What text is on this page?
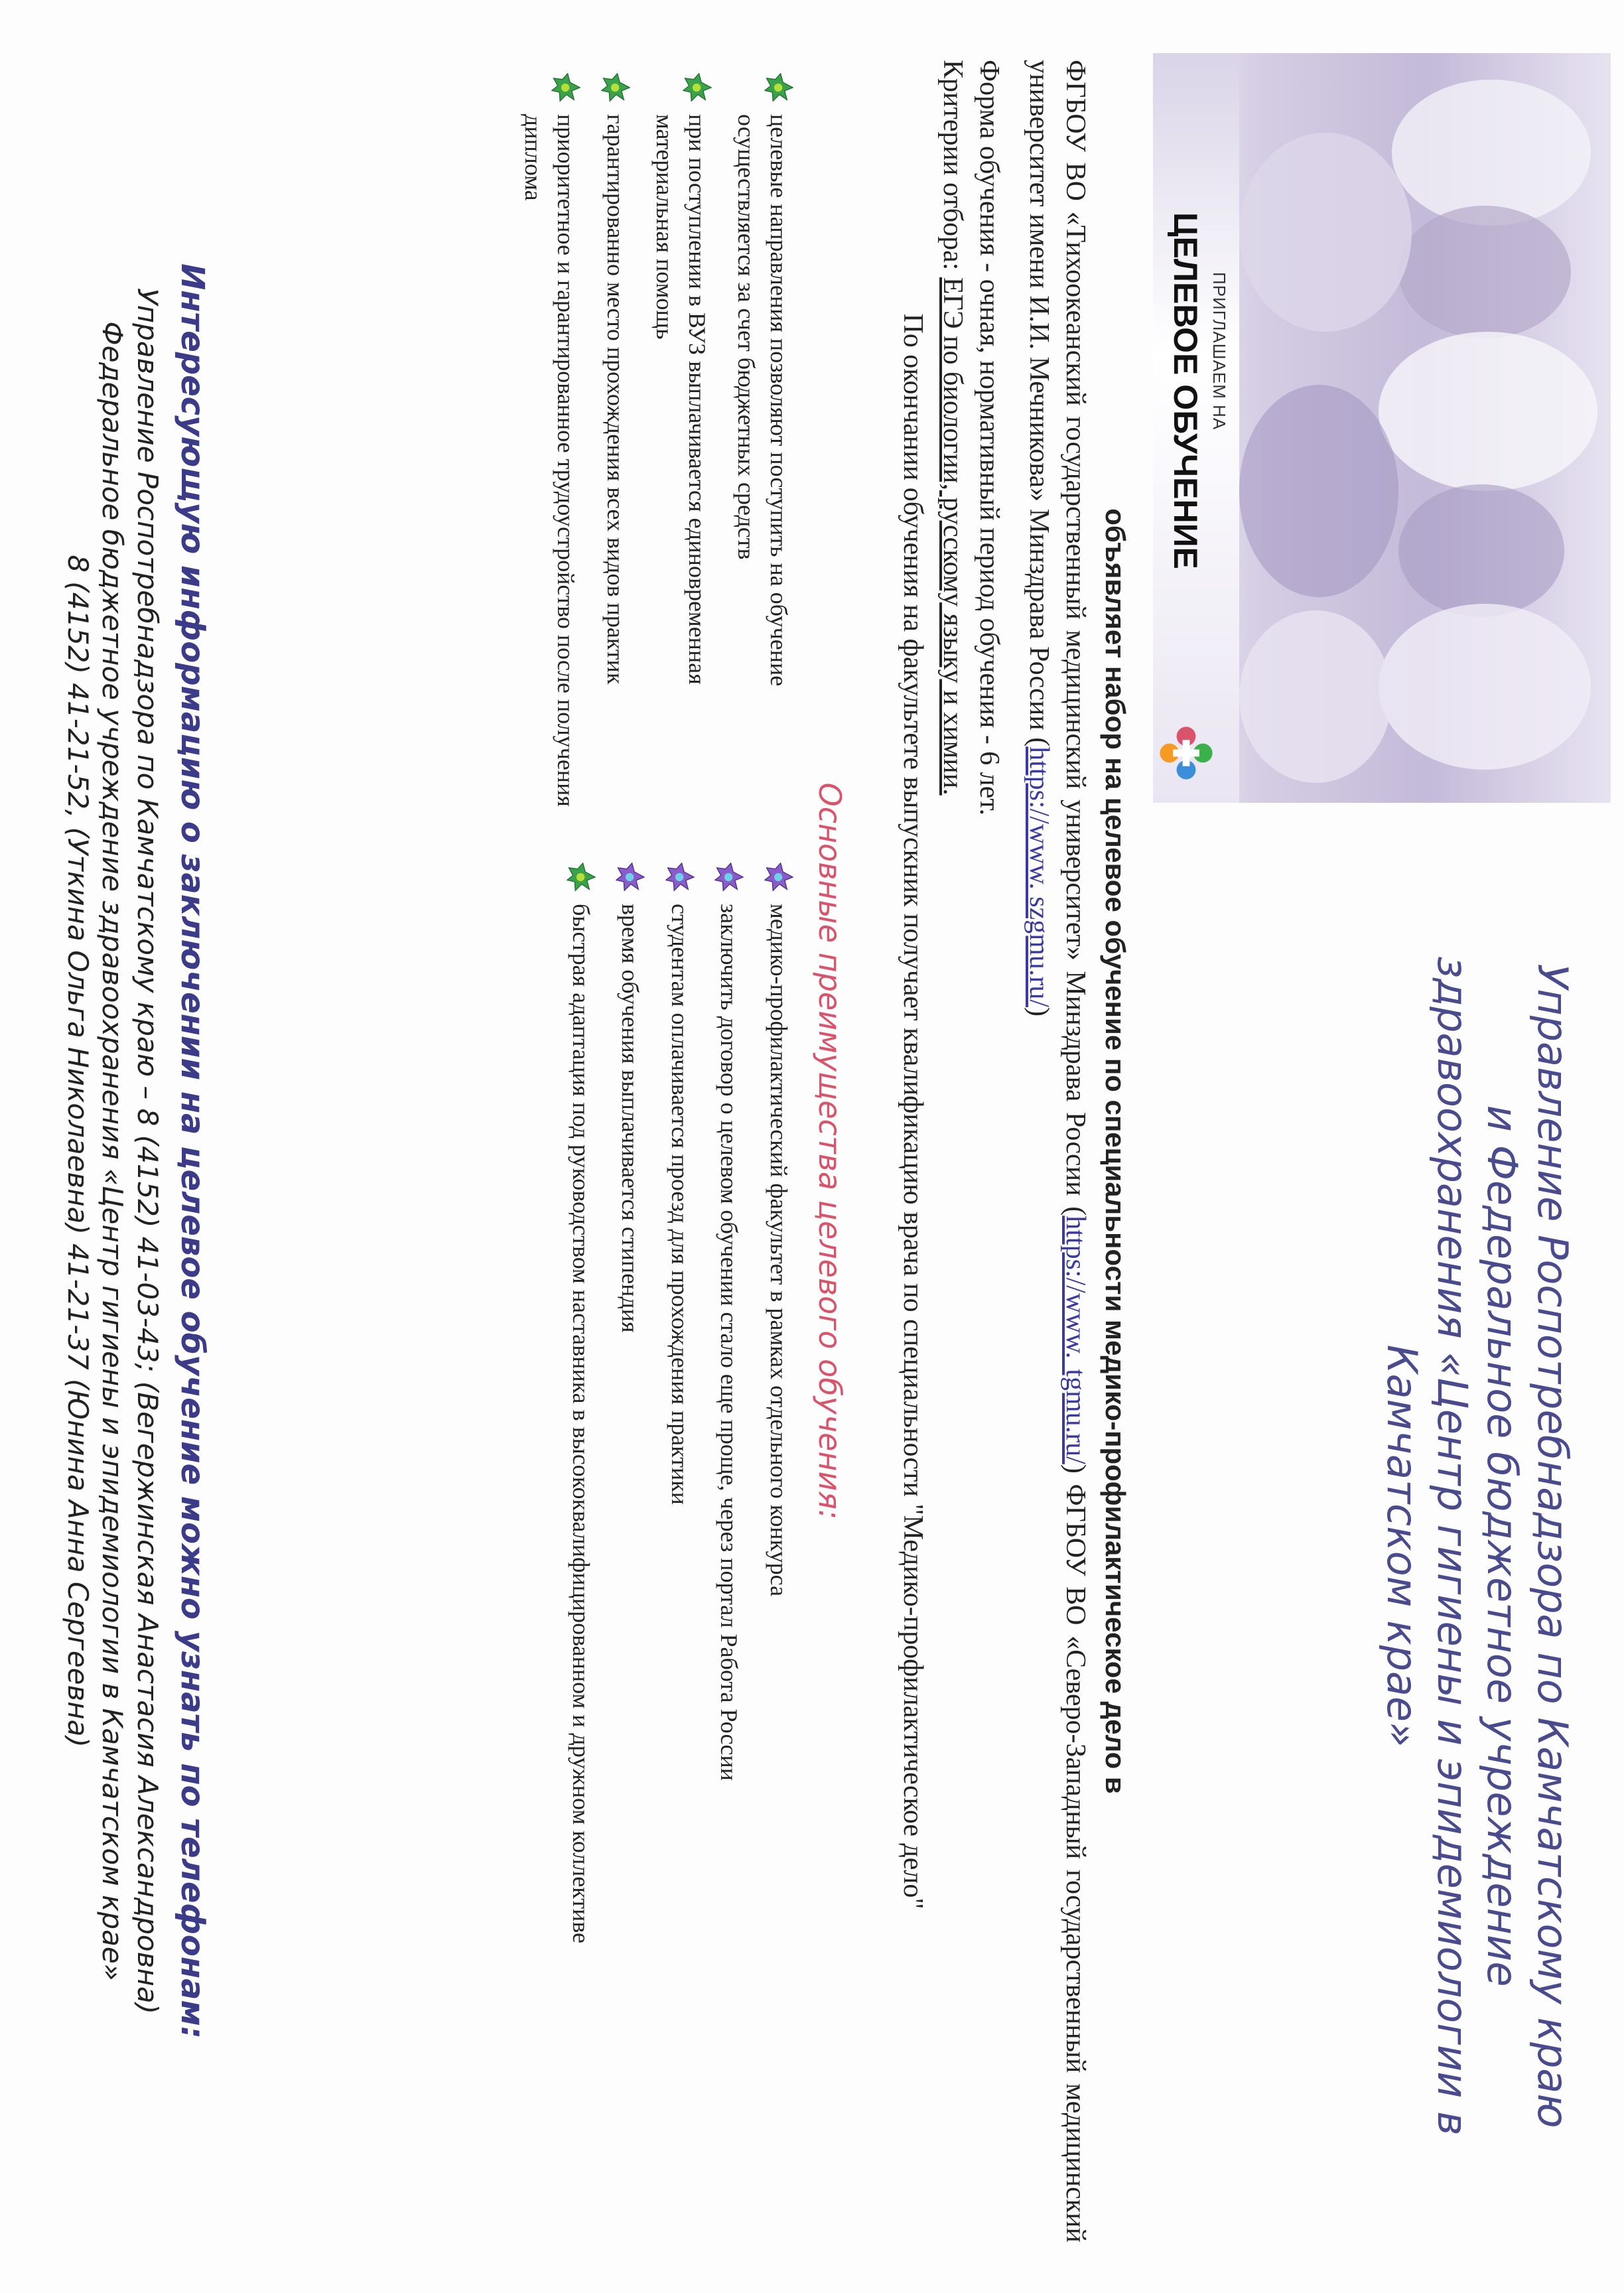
ПРИГЛАШАЕМ НА
ЦЕЛЕВОЕ ОБУЧЕНИЕ
Управление Роспотребнадзора по Камчатскому краю
и Федеральное бюджетное учреждение
здравоохранения «Центр гигиены и эпидемиологии в
Камчатском крае»
объявляет набор на целевое обучение по специальности медико-профилактическое дело в
ФГБОУ ВО «Тихоокеанский государственный медицинский университет» Минздрава России (https://www. tgmu.ru/) ФГБОУ ВО «Северо-Западный государственный медицинский университет имени И.И. Мечникова» Минздрава России (https://www. szgmu.ru/)
Форма обучения - очная, нормативный период обучения - 6 лет.
Критерии отбора: ЕГЭ по биологии, русскому языку и химии.
По окончании обучения на факультете выпускник получает квалификацию врача по специальности "Медико-профилактическое дело"
Основные преимущества целевого обучения:
целевые направления позволяют поступить на обучение осуществляется за счет бюджетных средств
при поступлении в ВУЗ выплачивается единовременная материальная помощь
гарантированно место прохождения всех видов практик
приоритетное и гарантированное трудоустройство после получения диплома
медико-профилактический факультет в рамках отдельного конкурса
заключить договор о целевом обучении стало еще проще, через портал Работа России
студентам оплачивается проезд для прохождения практики
время обучения выплачивается стипендия
быстрая адаптация под руководством наставника в высококвалифицированном и дружном коллективе
Интересующую информацию о заключении на целевое обучение можно узнать по телефонам:
Управление Роспотребнадзора по Камчатскому краю – 8 (4152) 41-03-43; (Вегержинская Анастасия Александровна)
Федеральное бюджетное учреждение здравоохранения «Центр гигиены и эпидемиологии в Камчатском крае»
8 (4152) 41-21-52, (Уткина Ольга Николаевна) 41-21-37 (Юнина Анна Сергеевна)
